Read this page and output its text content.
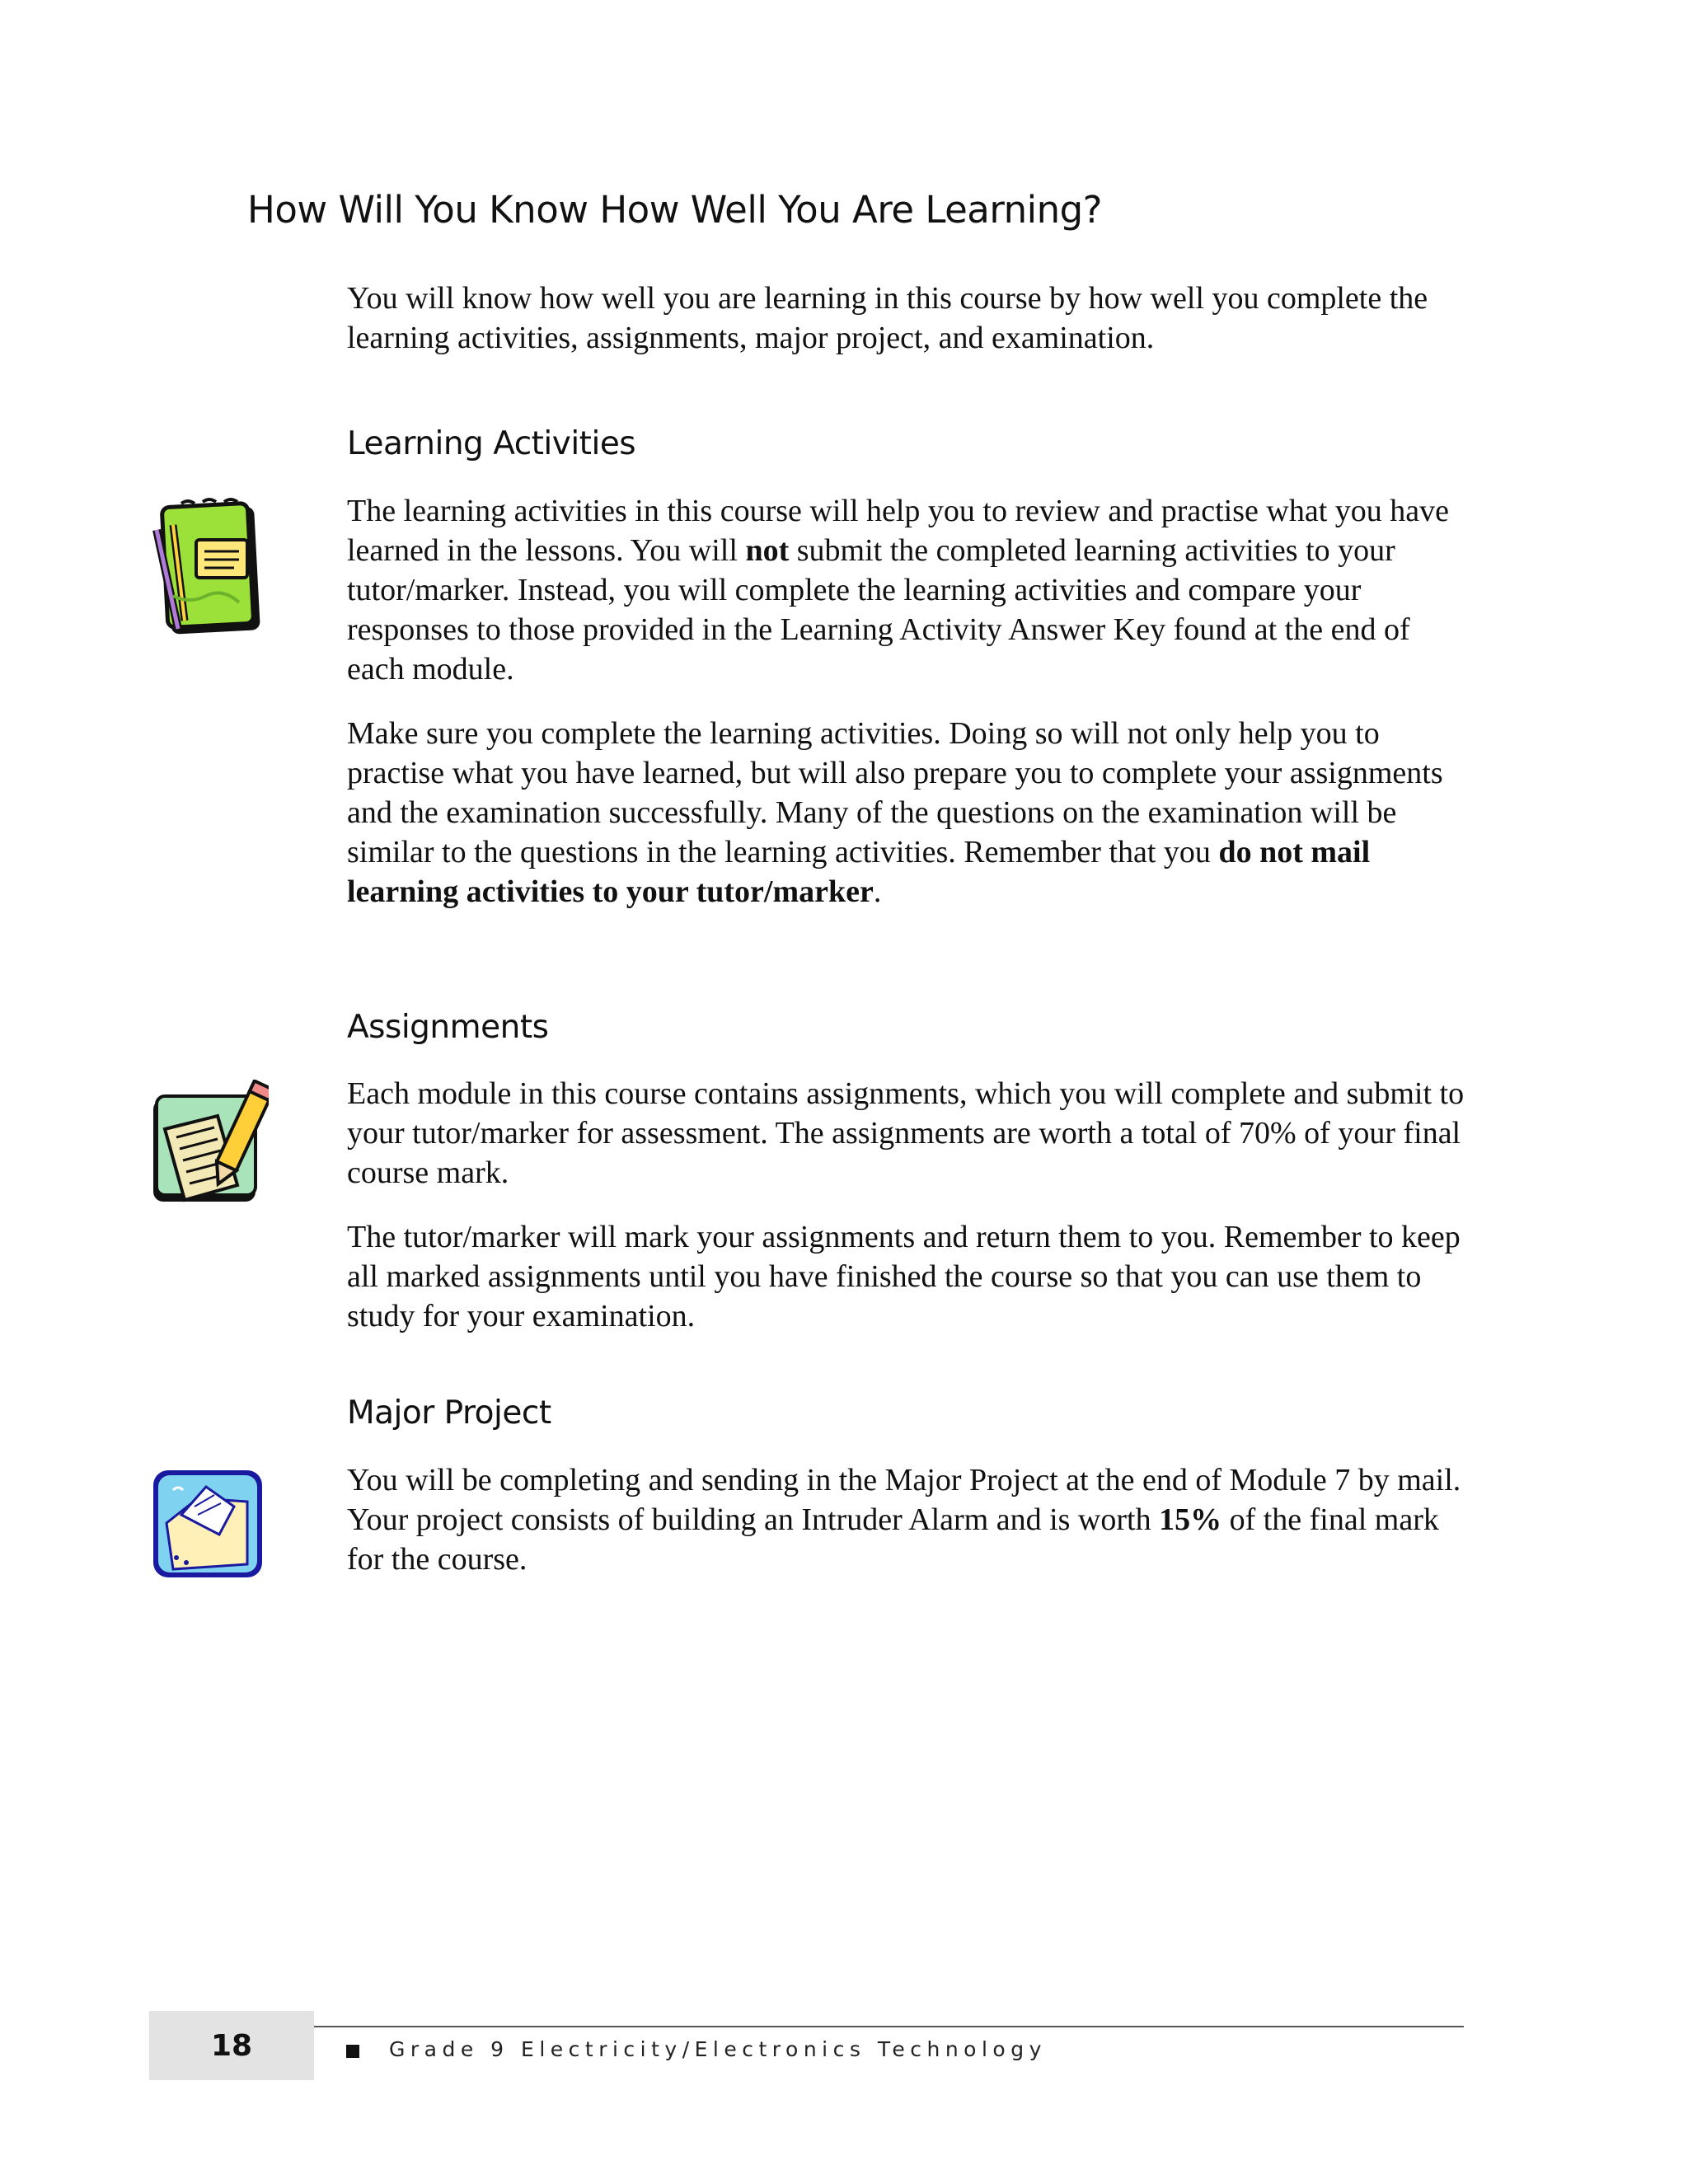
How Will You Know How Well You Are Learning?

You will know how well you are learning in this course by how well you complete the learning activities, assignments, major project, and examination.

Learning Activities

The learning activities in this course will help you to review and practise what you have learned in the lessons. You will not submit the completed learning activities to your tutor/marker. Instead, you will complete the learning activities and compare your responses to those provided in the Learning Activity Answer Key found at the end of each module.

Make sure you complete the learning activities. Doing so will not only help you to practise what you have learned, but will also prepare you to complete your assignments and the examination successfully. Many of the questions on the examination will be similar to the questions in the learning activities. Remember that you do not mail learning activities to your tutor/marker.

Assignments

Each module in this course contains assignments, which you will complete and submit to your tutor/marker for assessment. The assignments are worth a total of 70% of your final course mark.

The tutor/marker will mark your assignments and return them to you. Remember to keep all marked assignments until you have finished the course so that you can use them to study for your examination.

Major Project

You will be completing and sending in the Major Project at the end of Module 7 by mail. Your project consists of building an Intruder Alarm and is worth 15% of the final mark for the course.

18	Grade 9 Electricity/Electronics Technology
